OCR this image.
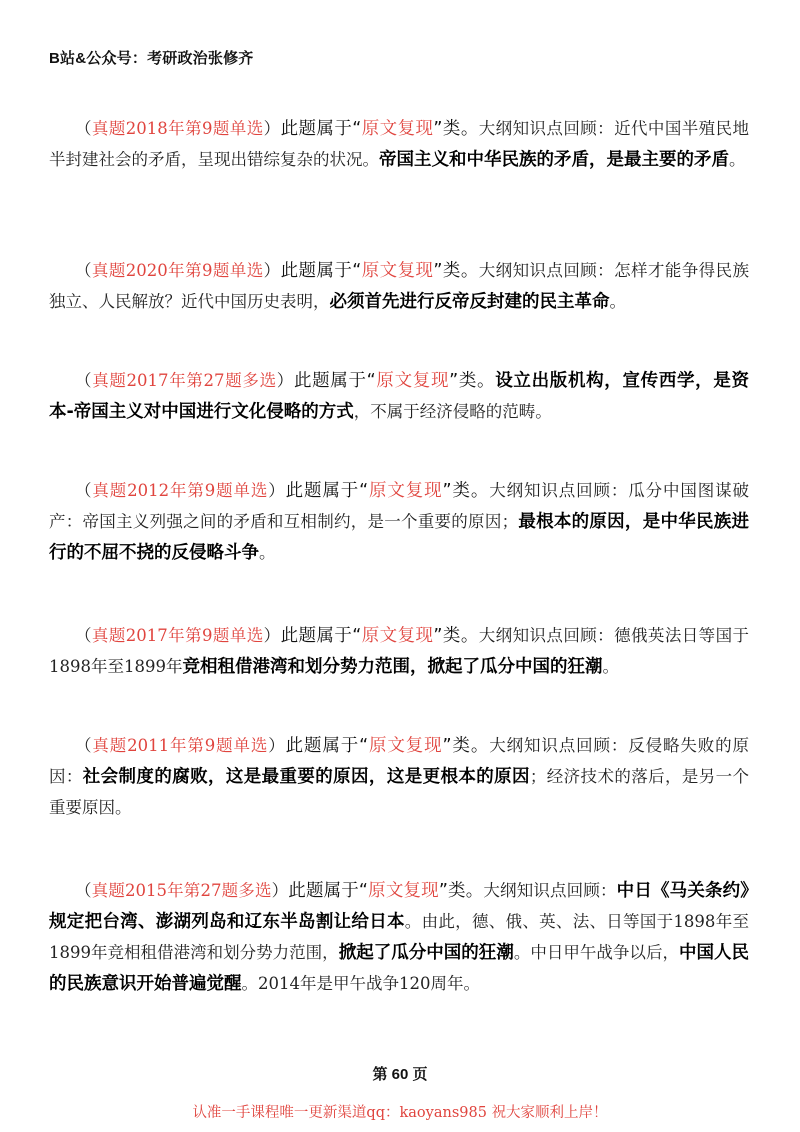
B站&公众号：考研政治张修齐
（真题2018年第9题单选）此题属于“原文复现”类。大纲知识点回顾：近代中国半殖民地半封建社会的矛盾，呈现出错综复杂的状况。帝国主义和中华民族的矛盾，是最主要的矛盾。
（真题2020年第9题单选）此题属于“原文复现”类。大纲知识点回顾：怎样才能争得民族独立、人民解放？近代中国历史表明，必须首先进行反帝反封建的民主革命。
（真题2017年第27题多选）此题属于“原文复现”类。设立出版机构，宣传西学，是资本-帝国主义对中国进行文化侵略的方式，不属于经济侵略的范畴。
（真题2012年第9题单选）此题属于“原文复现”类。大纲知识点回顾：瓜分中国图谋破产：帝国主义列强之间的矛盾和互相制约，是一个重要的原因；最根本的原因，是中华民族进行的不屈不挠的反侵略斗争。
（真题2017年第9题单选）此题属于“原文复现”类。大纲知识点回顾：德俄英法日等国于1898年至1899年竞相租借港湾和划分势力范围，掀起了瓜分中国的狂潮。
（真题2011年第9题单选）此题属于“原文复现”类。大纲知识点回顾：反侵略失败的原因：社会制度的腐败，这是最重要的原因，这是更根本的原因；经济技术的落后，是另一个重要原因。
（真题2015年第27题多选）此题属于“原文复现”类。大纲知识点回顾：中日《马关条约》规定把台湾、澎湖列岛和辽东半岛割让给日本。由此，德、俄、英、法、日等国于1898年至1899年竞相租借港湾和划分势力范围，掀起了瓜分中国的狂潮。中日甲午战争以后，中国人民的民族意识开始普遍觉醒。2014年是甲午战争120周年。
第 60 页
认准一手课程唯一更新渠道qq：kaoyans985 祝大家顺利上岸！
